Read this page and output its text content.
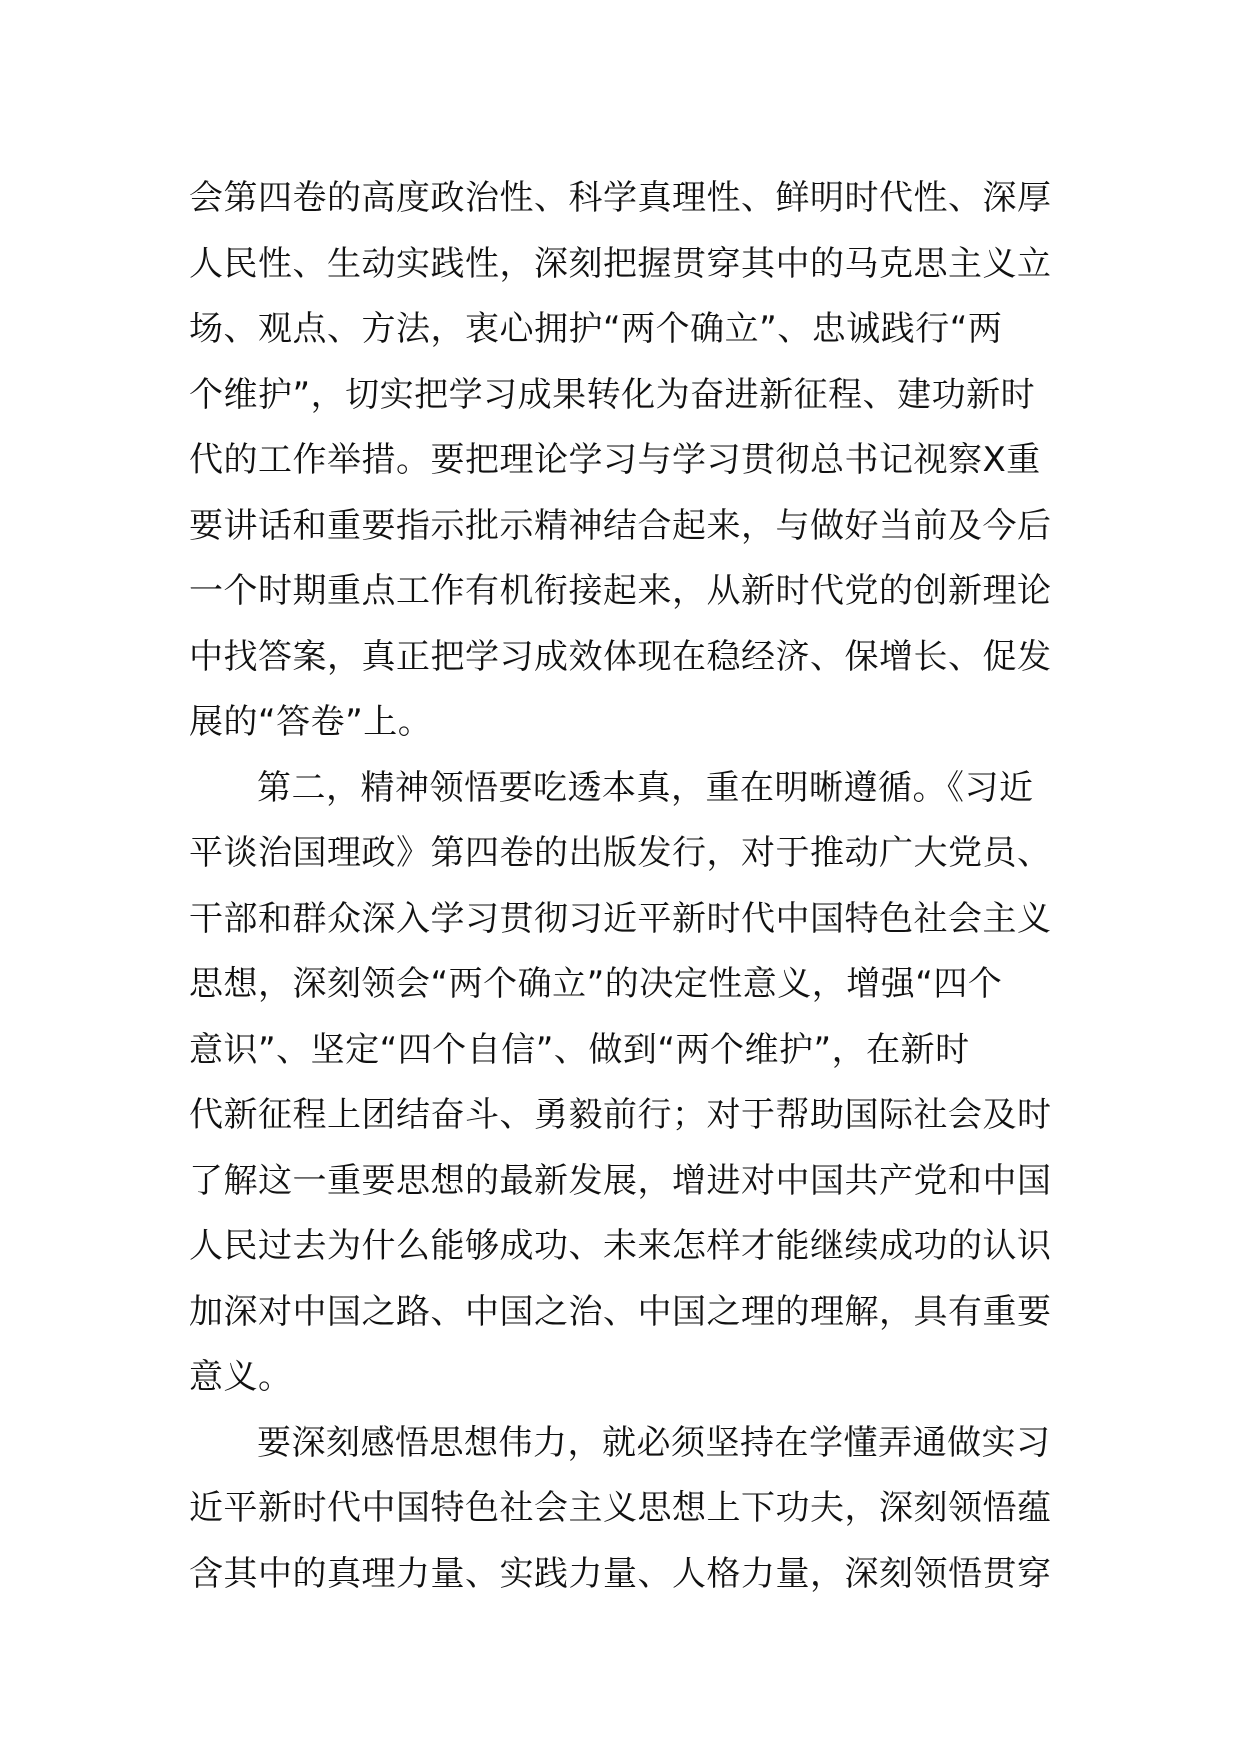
会第四卷的高度政治性、科学真理性、鲜明时代性、深厚
人民性、生动实践性，深刻把握贯穿其中的马克思主义立
场、观点、方法，衷心拥护“两个确立”、忠诚践行“两
个维护”，切实把学习成果转化为奋进新征程、建功新时
代的工作举措。要把理论学习与学习贯彻总书记视察X重
要讲话和重要指示批示精神结合起来，与做好当前及今后
一个时期重点工作有机衔接起来，从新时代党的创新理论
中找答案，真正把学习成效体现在稳经济、保增长、促发
展的“答卷”上。
第二，精神领悟要吃透本真，重在明晰遵循。《习近
平谈治国理政》第四卷的出版发行，对于推动广大党员、
干部和群众深入学习贯彻习近平新时代中国特色社会主义
思想，深刻领会“两个确立”的决定性意义，增强“四个
意识”、坚定“四个自信”、做到“两个维护”，在新时
代新征程上团结奋斗、勇毅前行；对于帮助国际社会及时
了解这一重要思想的最新发展，增进对中国共产党和中国
人民过去为什么能够成功、未来怎样才能继续成功的认识
加深对中国之路、中国之治、中国之理的理解，具有重要
意义。
要深刻感悟思想伟力，就必须坚持在学懂弄通做实习
近平新时代中国特色社会主义思想上下功夫，深刻领悟蕴
含其中的真理力量、实践力量、人格力量，深刻领悟贯穿
